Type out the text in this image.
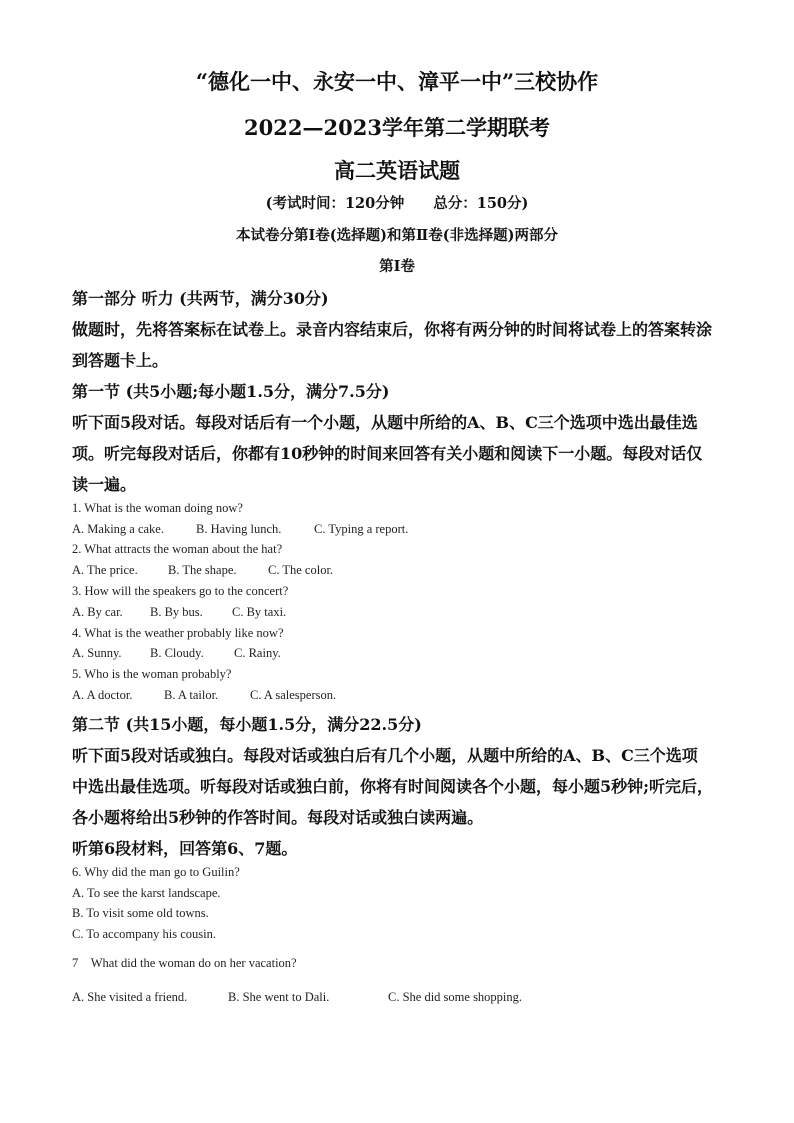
“德化一中、永安一中、漳平一中”三校协作
2022—2023学年第二学期联考
高二英语试题
(考试时间：120分钟　　总分：150分)
本试卷分第Ⅰ卷(选择题)和第Ⅱ卷(非选择题)两部分
第Ⅰ卷
第一部分 听力 (共两节，满分30分)
做题时，先将答案标在试卷上。录音内容结束后，你将有两分钟的时间将试卷上的答案转涂
到答题卡上。
第一节 (共5小题;每小题1.5分，满分7.5分)
听下面5段对话。每段对话后有一个小题，从题中所给的A、B、C三个选项中选出最佳选
项。听完每段对话后，你都有10秒钟的时间来回答有关小题和阅读下一小题。每段对话仅
读一遍。
1. What is the woman doing now?
A. Making a cake.	B. Having lunch.	C. Typing a report.
2. What attracts the woman about the hat?
A. The price. B. The shape.	C. The color.
3. How will the speakers go to the concert?
A. By car. B. By bus. C. By taxi.
4. What is the weather probably like now?
A. Sunny. B. Cloudy. C. Rainy.
5. Who is the woman probably?
A. A doctor.	B. A tailor.	C. A salesperson.
第二节 (共15小题，每小题1.5分，满分22.5分)
听下面5段对话或独白。每段对话或独白后有几个小题，从题中所给的A、B、C三个选项
中选出最佳选项。听每段对话或独白前，你将有时间阅读各个小题，每小题5秒钟;听完后，
各小题将给出5秒钟的作答时间。每段对话或独白读两遍。
听第6段材料，回答第6、7题。
6. Why did the man go to Guilin?
A. To see the karst landscape.
B. To visit some old towns.
C. To accompany his cousin.
7　What did the woman do on her vacation?
A. She visited a friend.	B. She went to Dali.	C. She did some shopping.
